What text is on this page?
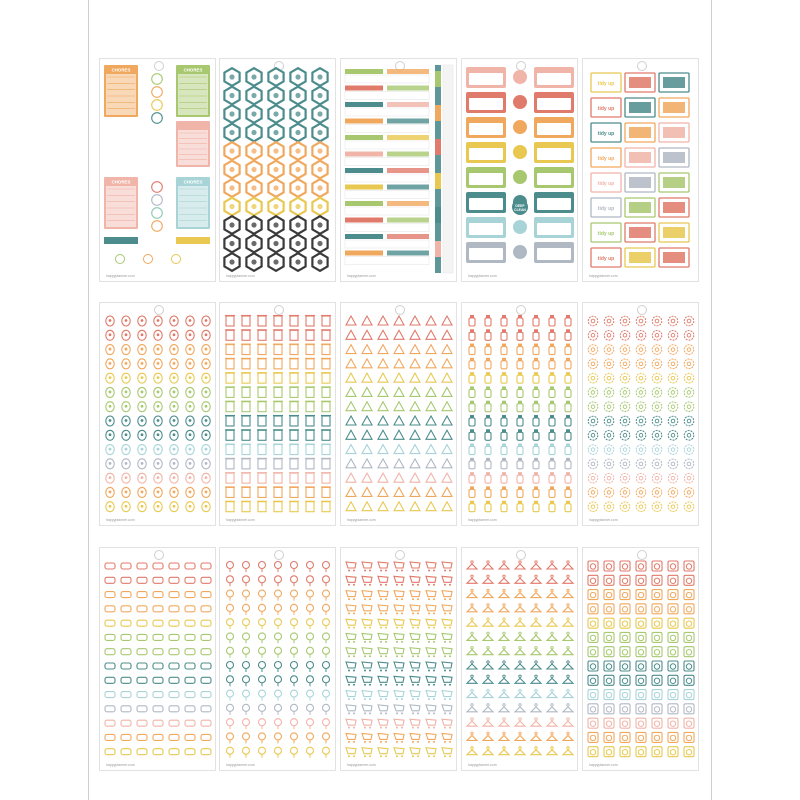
happyplanner.com
CHORES	CHORES
tidy up
CHORES	CHORES
happyplanner.com	happyplanner.com	happyplanner.com
DEEP
CLEAN
happyplanner.com
tidy up
tidy up
tidy up
tidy up
tidy up
tidy up
tidy up
tidy up
happyplanner.com	happyplanner.com	happyplanner.com	happyplanner.com	happyplanner.com
happyplanner.com	happyplanner.com	happyplanner.com	happyplanner.com	happyplanner.com
